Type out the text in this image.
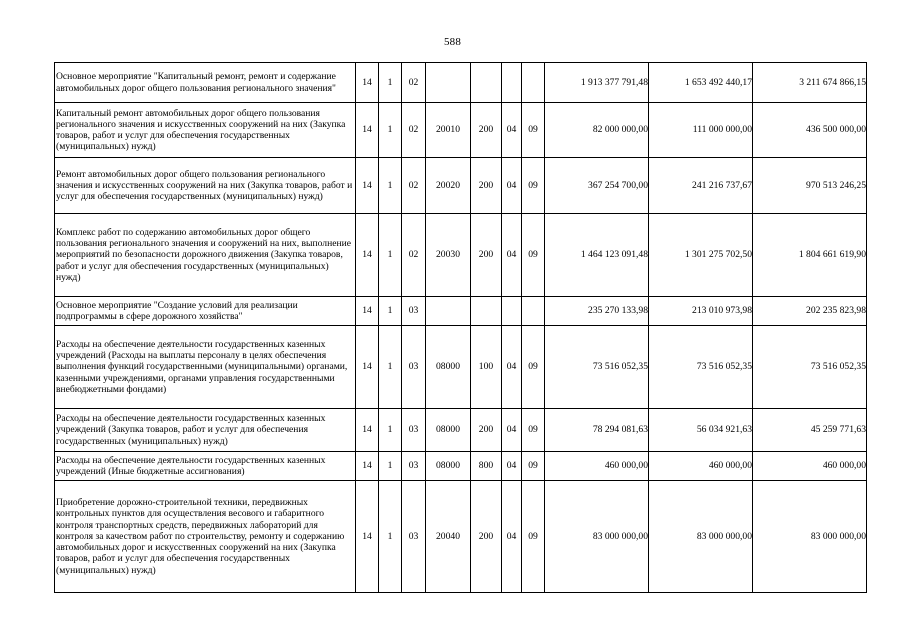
588
Основное мероприятие "Капитальный ремонт, ремонт и содержание автомобильных дорог общего пользования регионального значения"	14	1	02					1 913 377 791,48	1 653 492 440,17	3 211 674 866,15
Капитальный ремонт автомобильных дорог общего пользования регионального значения и искусственных сооружений на них (Закупка товаров, работ и услуг для обеспечения государственных (муниципальных) нужд)	14	1	02	20010	200	04	09	82 000 000,00	111 000 000,00	436 500 000,00
Ремонт автомобильных дорог общего пользования регионального значения и искусственных сооружений на них (Закупка товаров, работ и услуг для обеспечения государственных (муниципальных) нужд)	14	1	02	20020	200	04	09	367 254 700,00	241 216 737,67	970 513 246,25
Комплекс работ по содержанию автомобильных дорог общего пользования регионального значения и сооружений на них, выполнение мероприятий по безопасности дорожного движения (Закупка товаров, работ и услуг для обеспечения государственных (муниципальных) нужд)	14	1	02	20030	200	04	09	1 464 123 091,48	1 301 275 702,50	1 804 661 619,90
Основное мероприятие "Создание условий для реализации подпрограммы в сфере дорожного хозяйства"	14	1	03					235 270 133,98	213 010 973,98	202 235 823,98
Расходы на обеспечение деятельности государственных казенных учреждений (Расходы на выплаты персоналу в целях обеспечения выполнения функций государственными (муниципальными) органами, казенными учреждениями, органами управления государственными внебюджетными фондами)	14	1	03	08000	100	04	09	73 516 052,35	73 516 052,35	73 516 052,35
Расходы на обеспечение деятельности государственных казенных учреждений (Закупка товаров, работ и услуг для обеспечения государственных (муниципальных) нужд)	14	1	03	08000	200	04	09	78 294 081,63	56 034 921,63	45 259 771,63
Расходы на обеспечение деятельности государственных казенных учреждений (Иные бюджетные ассигнования)	14	1	03	08000	800	04	09	460 000,00	460 000,00	460 000,00
Приобретение дорожно-строительной техники, передвижных контрольных пунктов для осуществления весового и габаритного контроля транспортных средств, передвижных лабораторий для контроля за качеством работ по строительству, ремонту и содержанию автомобильных дорог и искусственных сооружений на них (Закупка товаров, работ и услуг для обеспечения государственных (муниципальных) нужд)	14	1	03	20040	200	04	09	83 000 000,00	83 000 000,00	83 000 000,00
